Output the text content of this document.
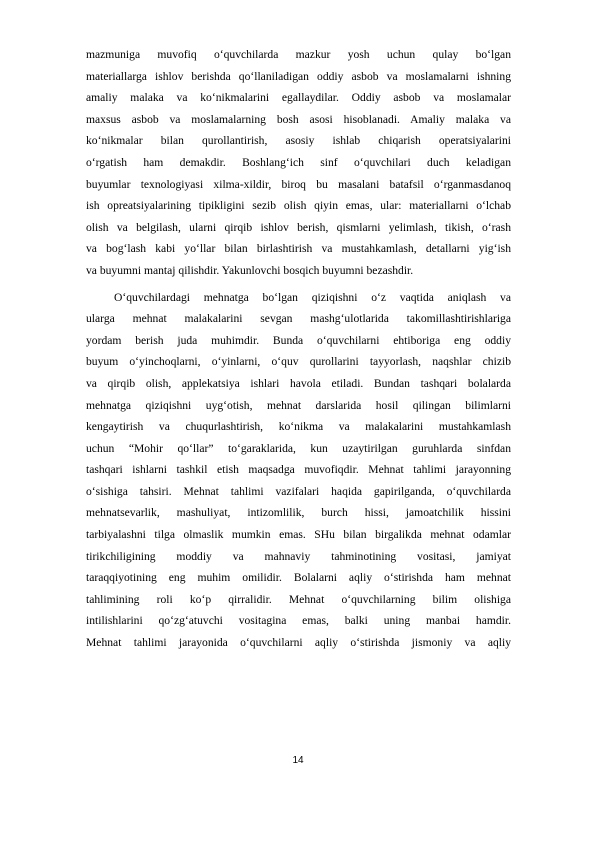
mazmuniga muvofiq o‘quvchilarda mazkur yosh uchun qulay bo‘lgan
materiallarga ishlov berishda qo‘llaniladigan oddiy asbob va moslamalarni ishning
amaliy malaka va ko‘nikmalarini egallaydilar. Oddiy asbob va moslamalar
maxsus asbob va moslamalarning bosh asosi hisoblanadi. Amaliy malaka va
ko‘nikmalar bilan qurollantirish, asosiy ishlab chiqarish operatsiyalarini
o‘rgatish ham demakdir. Boshlang‘ich sinf o‘quvchilari duch keladigan
buyumlar texnologiyasi xilma-xildir, biroq bu masalani batafsil o‘rganmasdanoq
ish opreatsiyalarining tipikligini sezib olish qiyin emas, ular: materiallarni o‘lchab
olish va belgilash, ularni qirqib ishlov berish, qismlarni yelimlash, tikish, o‘rash
va bog‘lash kabi yo‘llar bilan birlashtirish va mustahkamlash, detallarni yig‘ish
va buyumni mantaj qilishdir. Yakunlovchi bosqich buyumni bezashdir.
O‘quvchilardagi mehnatga bo‘lgan qiziqishni o‘z vaqtida aniqlash va
ularga mehnat malakalarini sevgan mashg‘ulotlarida takomillashtirishlariga
yordam berish juda muhimdir. Bunda o‘quvchilarni ehtiboriga eng oddiy
buyum o‘yinchoqlarni, o‘yinlarni, o‘quv qurollarini tayyorlash, naqshlar chizib
va qirqib olish, applekatsiya ishlari havola etiladi. Bundan tashqari bolalarda
mehnatga qiziqishni uyg‘otish, mehnat darslarida hosil qilingan bilimlarni
kengaytirish va chuqurlashtirish, ko‘nikma va malakalarini mustahkamlash
uchun “Mohir qo‘llar” to‘garaklarida, kun uzaytirilgan guruhlarda sinfdan
tashqari ishlarni tashkil etish maqsadga muvofiqdir. Mehnat tahlimi jarayonning
o‘sishiga tahsiri. Mehnat tahlimi vazifalari haqida gapirilganda, o‘quvchilarda
mehnatsevarlik, mashuliyat, intizomlilik, burch hissi, jamoatchilik hissini
tarbiyalashni tilga olmaslik mumkin emas. SHu bilan birgalikda mehnat odamlar
tirikchiligining moddiy va mahnaviy tahminotining vositasi, jamiyat
taraqqiyotining eng muhim omilidir. Bolalarni aqliy o‘stirishda ham mehnat
tahlimining roli ko‘p qirralidir. Mehnat o‘quvchilarning bilim olishiga
intilishlarini qo‘zg‘atuvchi vositagina emas, balki uning manbai hamdir.
Mehnat tahlimi jarayonida o‘quvchilarni aqliy o‘stirishda jismoniy va aqliy
14
